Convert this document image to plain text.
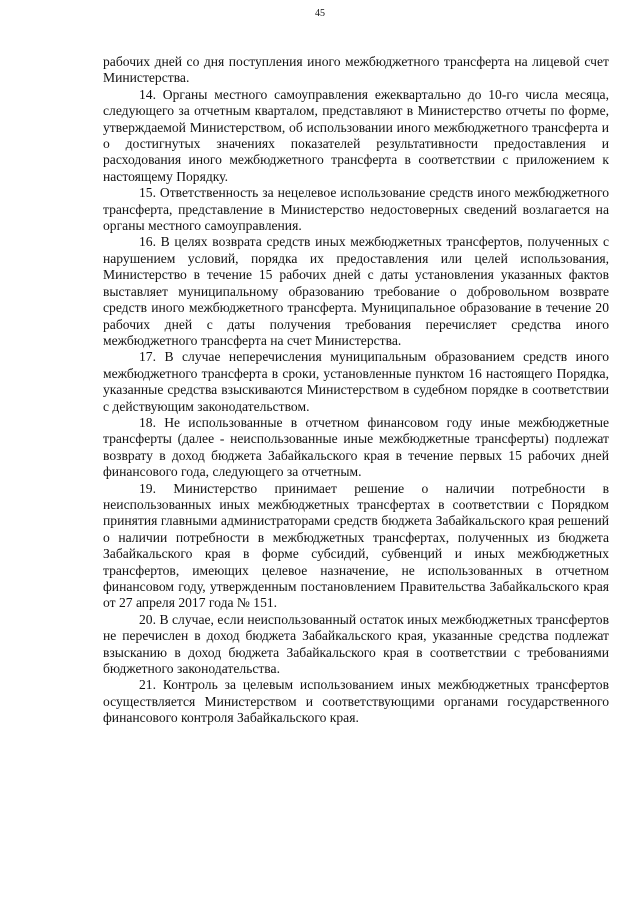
45

рабочих дней со дня поступления иного межбюджетного трансферта на лицевой счет Министерства.

14. Органы местного самоуправления ежеквартально до 10-го числа месяца, следующего за отчетным кварталом, представляют в Министерство отчеты по форме, утверждаемой Министерством, об использовании иного межбюджетного трансферта и о достигнутых значениях показателей результативности предоставления и расходования иного межбюджетного трансферта в соответствии с приложением к настоящему Порядку.

15. Ответственность за нецелевое использование средств иного межбюджетного трансферта, представление в Министерство недостоверных сведений возлагается на органы местного самоуправления.

16. В целях возврата средств иных межбюджетных трансфертов, полученных с нарушением условий, порядка их предоставления или целей использования, Министерство в течение 15 рабочих дней с даты установления указанных фактов выставляет муниципальному образованию требование о добровольном возврате средств иного межбюджетного трансферта. Муниципальное образование в течение 20 рабочих дней с даты получения требования перечисляет средства иного межбюджетного трансферта на счет Министерства.

17. В случае неперечисления муниципальным образованием средств иного межбюджетного трансферта в сроки, установленные пунктом 16 настоящего Порядка, указанные средства взыскиваются Министерством в судебном порядке в соответствии с действующим законодательством.

18. Не использованные в отчетном финансовом году иные межбюджетные трансферты (далее - неиспользованные иные межбюджетные трансферты) подлежат возврату в доход бюджета Забайкальского края в течение первых 15 рабочих дней финансового года, следующего за отчетным.

19. Министерство принимает решение о наличии потребности в неиспользованных иных межбюджетных трансфертах в соответствии с Порядком принятия главными администраторами средств бюджета Забайкальского края решений о наличии потребности в межбюджетных трансфертах, полученных из бюджета Забайкальского края в форме субсидий, субвенций и иных межбюджетных трансфертов, имеющих целевое назначение, не использованных в отчетном финансовом году, утвержденным постановлением Правительства Забайкальского края от 27 апреля 2017 года № 151.

20. В случае, если неиспользованный остаток иных межбюджетных трансфертов не перечислен в доход бюджета Забайкальского края, указанные средства подлежат взысканию в доход бюджета Забайкальского края в соответствии с требованиями бюджетного законодательства.

21. Контроль за целевым использованием иных межбюджетных трансфертов осуществляется Министерством и соответствующими органами государственного финансового контроля Забайкальского края.
